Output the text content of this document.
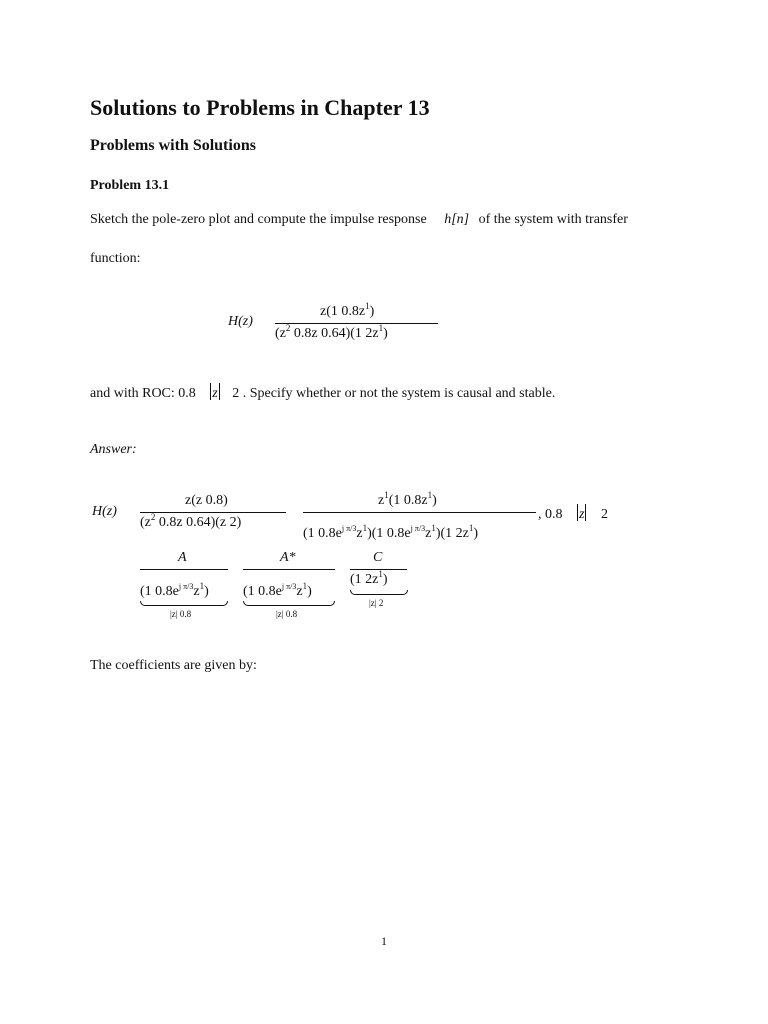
Solutions to Problems in Chapter 13
Problems with Solutions
Problem 13.1
Sketch the pole-zero plot and compute the impulse response h[n] of the system with transfer
function:
H(z)
z(1 $0.8z^1$)
($z^2$ 0.8z 0.64)(1 $2z^1$)
and with ROC: 0.8 z 2 . Specify whether or not the system is causal and stable.
Answer:
H(z)
z(z 0.8)
($z^2$ 0.8z 0.64)(z 2)
$z^1(1$ $0.8z^1$)
(1 $0.8e^{j \pi/3}z^1)(1$ $0.8e^{j \pi/3}z^1)(1$ $2z^1$)
, 0.8 z 2
A
(1 $0.8e^{j \pi/3}z^1$)
|z| 0.8
A*
(1 $0.8e^{j \pi/3}z^1$)
|z| 0.8
C
(1 $2z^1$)
|z| 2
The coefficients are given by:
1
